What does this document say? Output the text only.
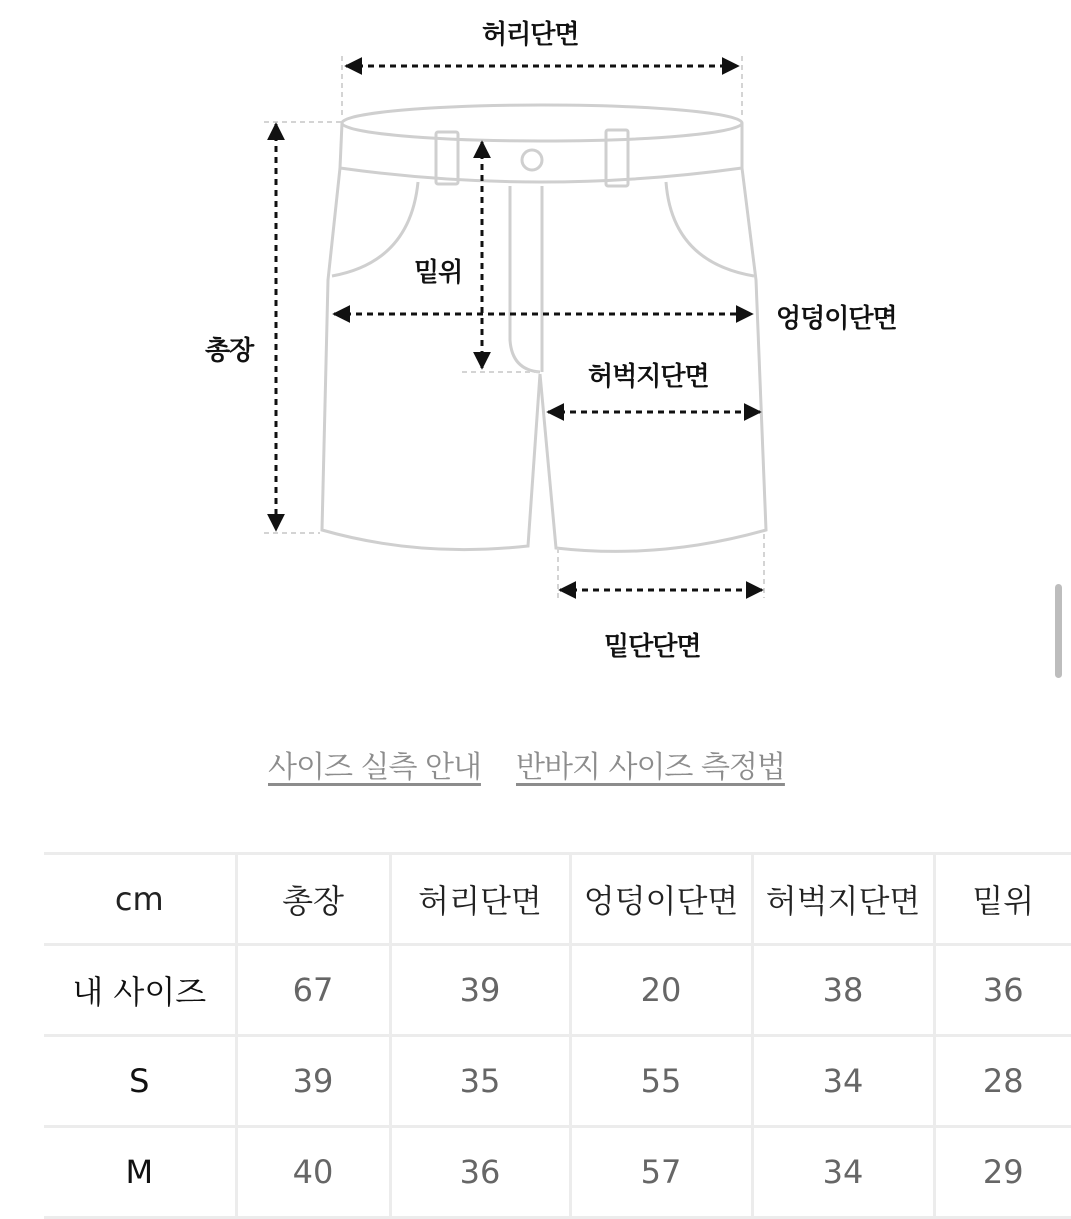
허리단면
밑위
엉덩이단면
총장
허벅지단면
밑단단면
사이즈 실측 안내 반바지 사이즈 측정법
cm	총장	허리단면	엉덩이단면	허벅지단면	밑위
내 사이즈	67	39	20	38	36
S	39	35	55	34	28
M	40	36	57	34	29
